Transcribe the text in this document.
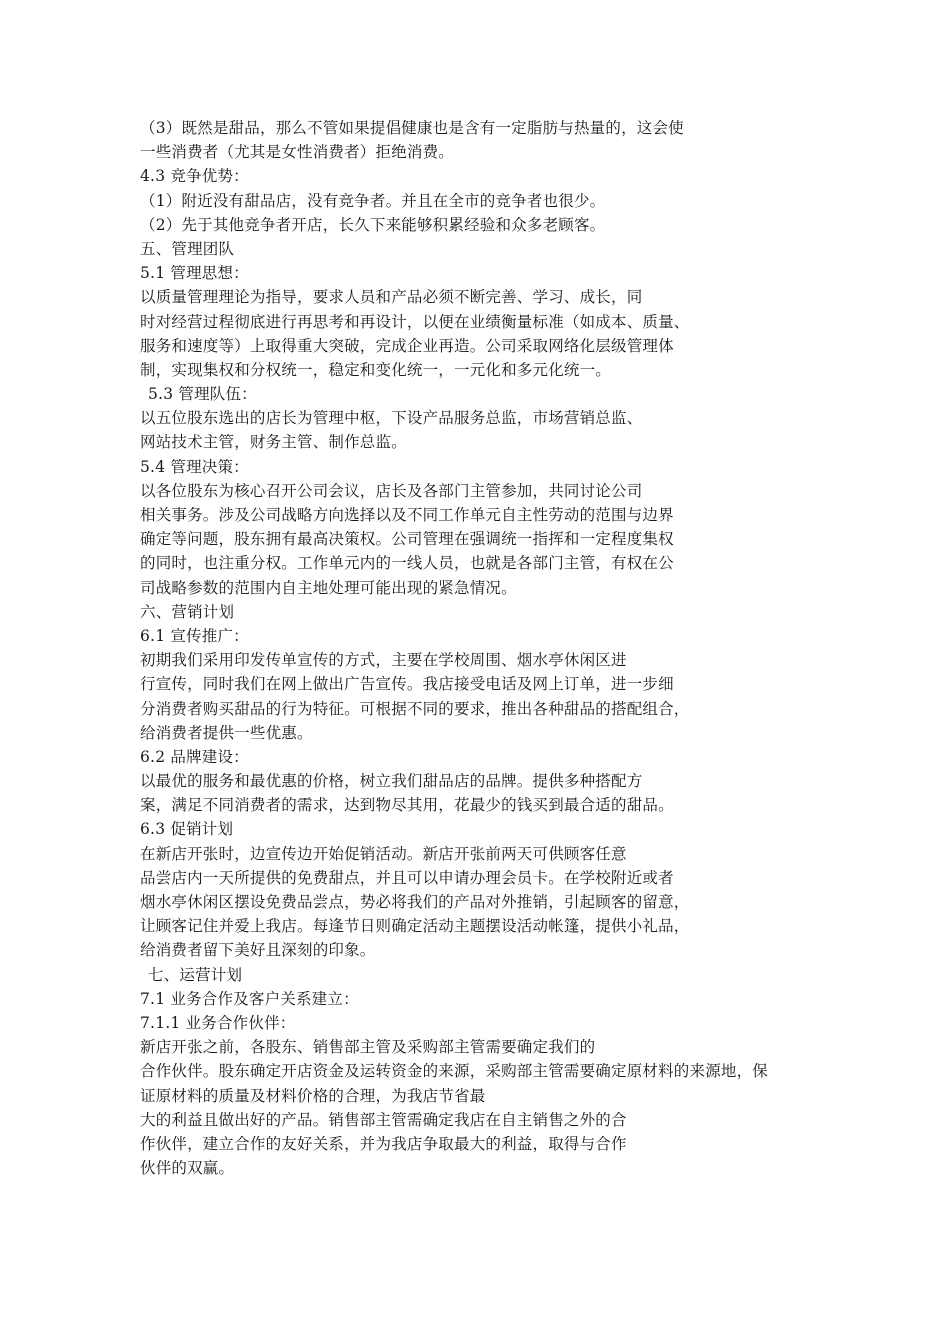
（3）既然是甜品，那么不管如果提倡健康也是含有一定脂肪与热量的，这会使
一些消费者（尤其是女性消费者）拒绝消费。
4.3 竞争优势：
（1）附近没有甜品店，没有竞争者。并且在全市的竞争者也很少。
（2）先于其他竞争者开店，长久下来能够积累经验和众多老顾客。
五、管理团队
5.1 管理思想：
以质量管理理论为指导，要求人员和产品必须不断完善、学习、成长，同
时对经营过程彻底进行再思考和再设计，以便在业绩衡量标准（如成本、质量、
服务和速度等）上取得重大突破，完成企业再造。公司采取网络化层级管理体
制，实现集权和分权统一，稳定和变化统一，一元化和多元化统一。
5.3 管理队伍：
以五位股东选出的店长为管理中枢，下设产品服务总监，市场营销总监、
网站技术主管，财务主管、制作总监。
5.4 管理决策：
以各位股东为核心召开公司会议，店长及各部门主管参加，共同讨论公司
相关事务。涉及公司战略方向选择以及不同工作单元自主性劳动的范围与边界
确定等问题，股东拥有最高决策权。公司管理在强调统一指挥和一定程度集权
的同时，也注重分权。工作单元内的一线人员，也就是各部门主管，有权在公
司战略参数的范围内自主地处理可能出现的紧急情况。
六、营销计划
6.1 宣传推广：
初期我们采用印发传单宣传的方式，主要在学校周围、烟水亭休闲区进
行宣传，同时我们在网上做出广告宣传。我店接受电话及网上订单，进一步细
分消费者购买甜品的行为特征。可根据不同的要求，推出各种甜品的搭配组合，
给消费者提供一些优惠。
6.2 品牌建设：
以最优的服务和最优惠的价格，树立我们甜品店的品牌。提供多种搭配方
案，满足不同消费者的需求，达到物尽其用，花最少的钱买到最合适的甜品。
6.3 促销计划
在新店开张时，边宣传边开始促销活动。新店开张前两天可供顾客任意
品尝店内一天所提供的免费甜点，并且可以申请办理会员卡。在学校附近或者
烟水亭休闲区摆设免费品尝点，势必将我们的产品对外推销，引起顾客的留意，
让顾客记住并爱上我店。每逢节日则确定活动主题摆设活动帐篷，提供小礼品，
给消费者留下美好且深刻的印象。
七、运营计划
7.1 业务合作及客户关系建立：
7.1.1 业务合作伙伴：
新店开张之前，各股东、销售部主管及采购部主管需要确定我们的
合作伙伴。股东确定开店资金及运转资金的来源，采购部主管需要确定原材料的来源地，保
证原材料的质量及材料价格的合理，为我店节省最
大的利益且做出好的产品。销售部主管需确定我店在自主销售之外的合
作伙伴，建立合作的友好关系，并为我店争取最大的利益，取得与合作
伙伴的双赢。
